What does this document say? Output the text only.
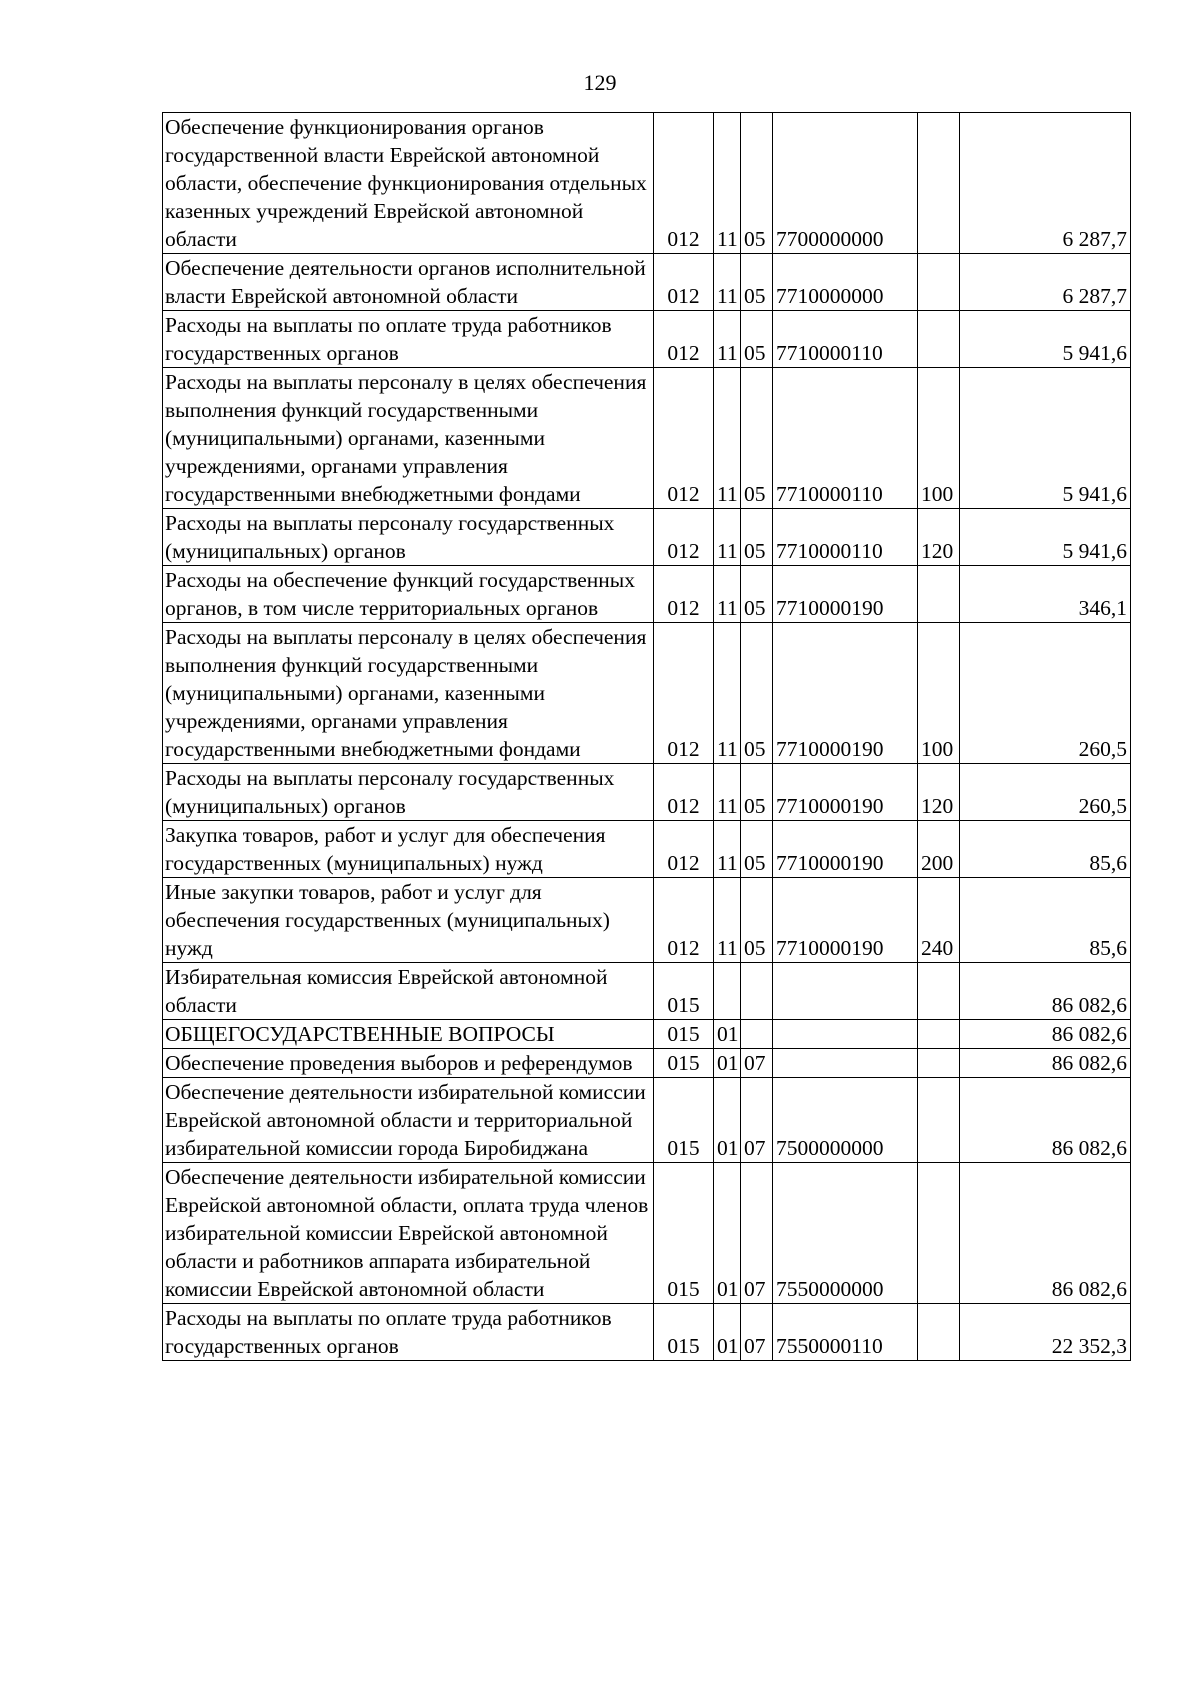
129
Обеспечение функционирования органов государственной власти Еврейской автономной области, обеспечение функционирования отдельных казенных учреждений Еврейской автономной области	012	11	05	7700000000		6 287,7
Обеспечение деятельности органов исполнительной власти Еврейской автономной области	012	11	05	7710000000		6 287,7
Расходы на выплаты по оплате труда работников государственных органов	012	11	05	7710000110		5 941,6
Расходы на выплаты персоналу в целях обеспечения выполнения функций государственными (муниципальными) органами, казенными учреждениями, органами управления государственными внебюджетными фондами	012	11	05	7710000110	100	5 941,6
Расходы на выплаты персоналу государственных (муниципальных) органов	012	11	05	7710000110	120	5 941,6
Расходы на обеспечение функций государственных органов, в том числе территориальных органов	012	11	05	7710000190		346,1
Расходы на выплаты персоналу в целях обеспечения выполнения функций государственными (муниципальными) органами, казенными учреждениями, органами управления государственными внебюджетными фондами	012	11	05	7710000190	100	260,5
Расходы на выплаты персоналу государственных (муниципальных) органов	012	11	05	7710000190	120	260,5
Закупка товаров, работ и услуг для обеспечения государственных (муниципальных) нужд	012	11	05	7710000190	200	85,6
Иные закупки товаров, работ и услуг для обеспечения государственных (муниципальных) нужд	012	11	05	7710000190	240	85,6
Избирательная комиссия Еврейской автономной области	015					86 082,6
ОБЩЕГОСУДАРСТВЕННЫЕ ВОПРОСЫ	015	01				86 082,6
Обеспечение проведения выборов и референдумов	015	01	07			86 082,6
Обеспечение деятельности избирательной комиссии Еврейской автономной области и территориальной избирательной комиссии города Биробиджана	015	01	07	7500000000		86 082,6
Обеспечение деятельности избирательной комиссии Еврейской автономной области, оплата труда членов избирательной комиссии Еврейской автономной области и работников аппарата избирательной комиссии Еврейской автономной области	015	01	07	7550000000		86 082,6
Расходы на выплаты по оплате труда работников государственных органов	015	01	07	7550000110		22 352,3
